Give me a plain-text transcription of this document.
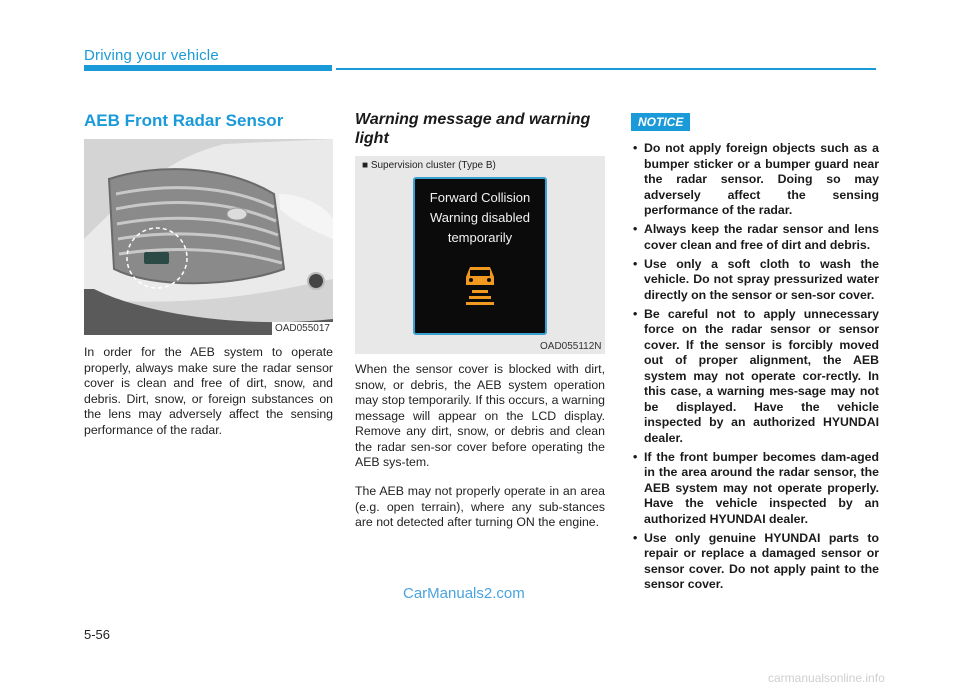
Driving your vehicle
AEB Front Radar Sensor
OAD055017
In order for the AEB system to operate properly, always make sure the radar sensor cover is clean and free of dirt, snow, and debris. Dirt, snow, or foreign substances on the lens may adversely affect the sensing performance of the radar.
Warning message and warning light
■ Supervision cluster (Type B)
Forward Collision
Warning disabled
temporarily
OAD055112N
When the sensor cover is blocked with dirt, snow, or debris, the AEB system operation may stop temporarily. If this occurs, a warning message will appear on the LCD display. Remove any dirt, snow, or debris and clean the radar sen-sor cover before operating the AEB sys-tem.
The AEB may not properly operate in an area (e.g. open terrain), where any sub-stances are not detected after turning ON the engine.
NOTICE
• Do not apply foreign objects such as a bumper sticker or a bumper guard near the radar sensor. Doing so may adversely affect the sensing performance of the radar.
• Always keep the radar sensor and lens cover clean and free of dirt and debris.
• Use only a soft cloth to wash the vehicle. Do not spray pressurized water directly on the sensor or sen-sor cover.
• Be careful not to apply unnecessary force on the radar sensor or sensor cover. If the sensor is forcibly moved out of proper alignment, the AEB system may not operate cor-rectly. In this case, a warning mes-sage may not be displayed. Have the vehicle inspected by an authorized HYUNDAI dealer.
• If the front bumper becomes dam-aged in the area around the radar sensor, the AEB system may not operate properly. Have the vehicle inspected by an authorized HYUNDAI dealer.
• Use only genuine HYUNDAI parts to repair or replace a damaged sensor or sensor cover. Do not apply paint to the sensor cover.
5-56
CarManuals2.com
carmanualsonline.info
